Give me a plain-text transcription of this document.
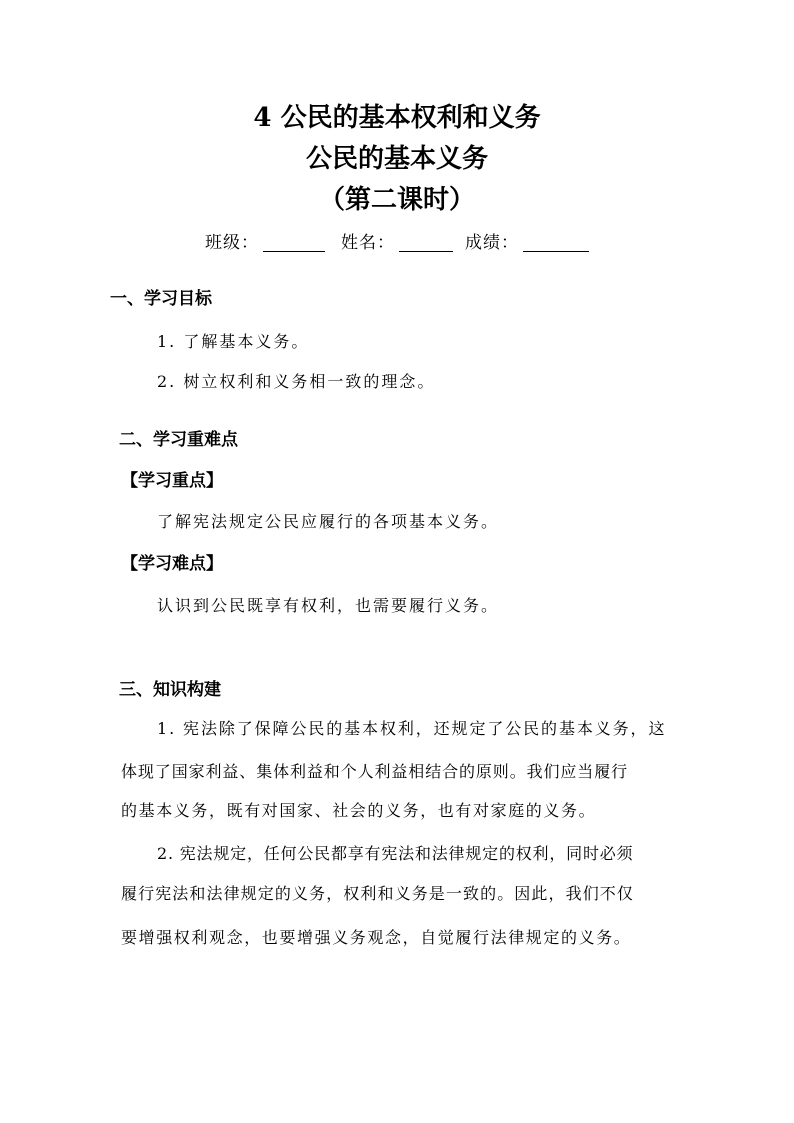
4 公民的基本权利和义务
公民的基本义务
（第二课时）
班级：	姓名：	成绩：
一、学习目标
1. 了解基本义务。
2. 树立权利和义务相一致的理念。
二、学习重难点
【学习重点】
了解宪法规定公民应履行的各项基本义务。
【学习难点】
认识到公民既享有权利，也需要履行义务。
三、知识构建
1. 宪法除了保障公民的基本权利，还规定了公民的基本义务，这
体现了国家利益、集体利益和个人利益相结合的原则。我们应当履行
的基本义务，既有对国家、社会的义务，也有对家庭的义务。
2. 宪法规定，任何公民都享有宪法和法律规定的权利，同时必须
履行宪法和法律规定的义务，权利和义务是一致的。因此，我们不仅
要增强权利观念，也要增强义务观念，自觉履行法律规定的义务。
